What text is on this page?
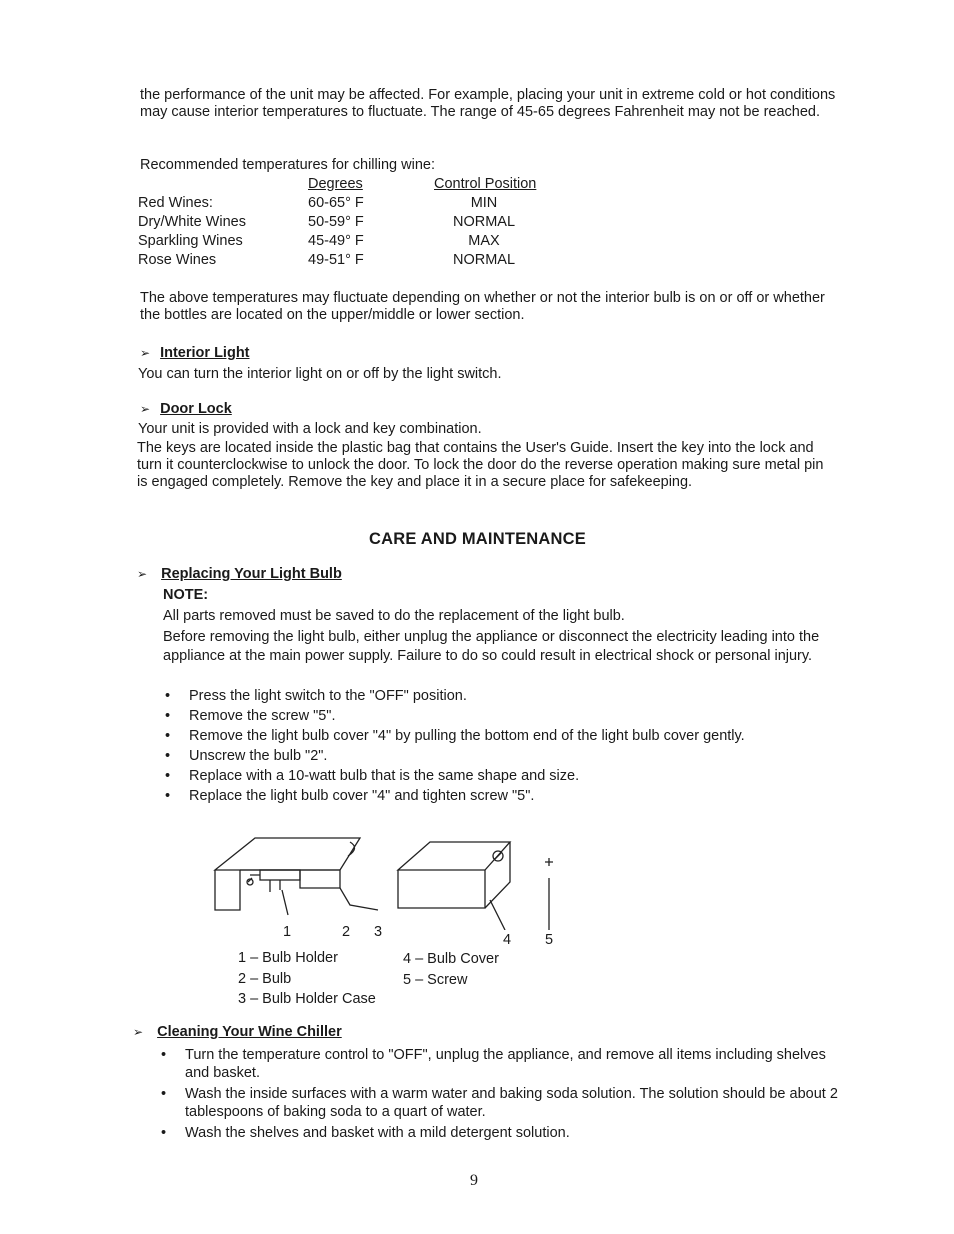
the performance of the unit may be affected. For example, placing your unit in extreme cold or hot conditions may cause interior temperatures to fluctuate. The range of 45-65 degrees Fahrenheit may not be reached.
Recommended temperatures for chilling wine:
	Degrees	Control Position
Red Wines:	60-65° F	MIN
Dry/White Wines	50-59° F	NORMAL
Sparkling Wines	45-49° F	MAX
Rose Wines	49-51° F	NORMAL
The above temperatures may fluctuate depending on whether or not the interior bulb is on or off or whether the bottles are located on the upper/middle or lower section.
➢ Interior Light
You can turn the interior light on or off by the light switch.
➢ Door Lock
Your unit is provided with a lock and key combination.
The keys are located inside the plastic bag that contains the User's Guide. Insert the key into the lock and turn it counterclockwise to unlock the door. To lock the door do the reverse operation making sure metal pin is engaged completely. Remove the key and place it in a secure place for safekeeping.
CARE AND MAINTENANCE
➢ Replacing Your Light Bulb
NOTE:
All parts removed must be saved to do the replacement of the light bulb.
Before removing the light bulb, either unplug the appliance or disconnect the electricity leading into the appliance at the main power supply. Failure to do so could result in electrical shock or personal injury.
• Press the light switch to the "OFF" position.
• Remove the screw "5".
• Remove the light bulb cover "4" by pulling the bottom end of the light bulb cover gently.
• Unscrew the bulb "2".
• Replace with a 10-watt bulb that is the same shape and size.
• Replace the light bulb cover "4" and tighten screw "5".
1	2 3	4 5
1 – Bulb Holder
2 – Bulb
3 – Bulb Holder Case
4 – Bulb Cover
5 – Screw
➢ Cleaning Your Wine Chiller
• Turn the temperature control to "OFF", unplug the appliance, and remove all items including shelves and basket.
• Wash the inside surfaces with a warm water and baking soda solution. The solution should be about 2 tablespoons of baking soda to a quart of water.
• Wash the shelves and basket with a mild detergent solution.
9
